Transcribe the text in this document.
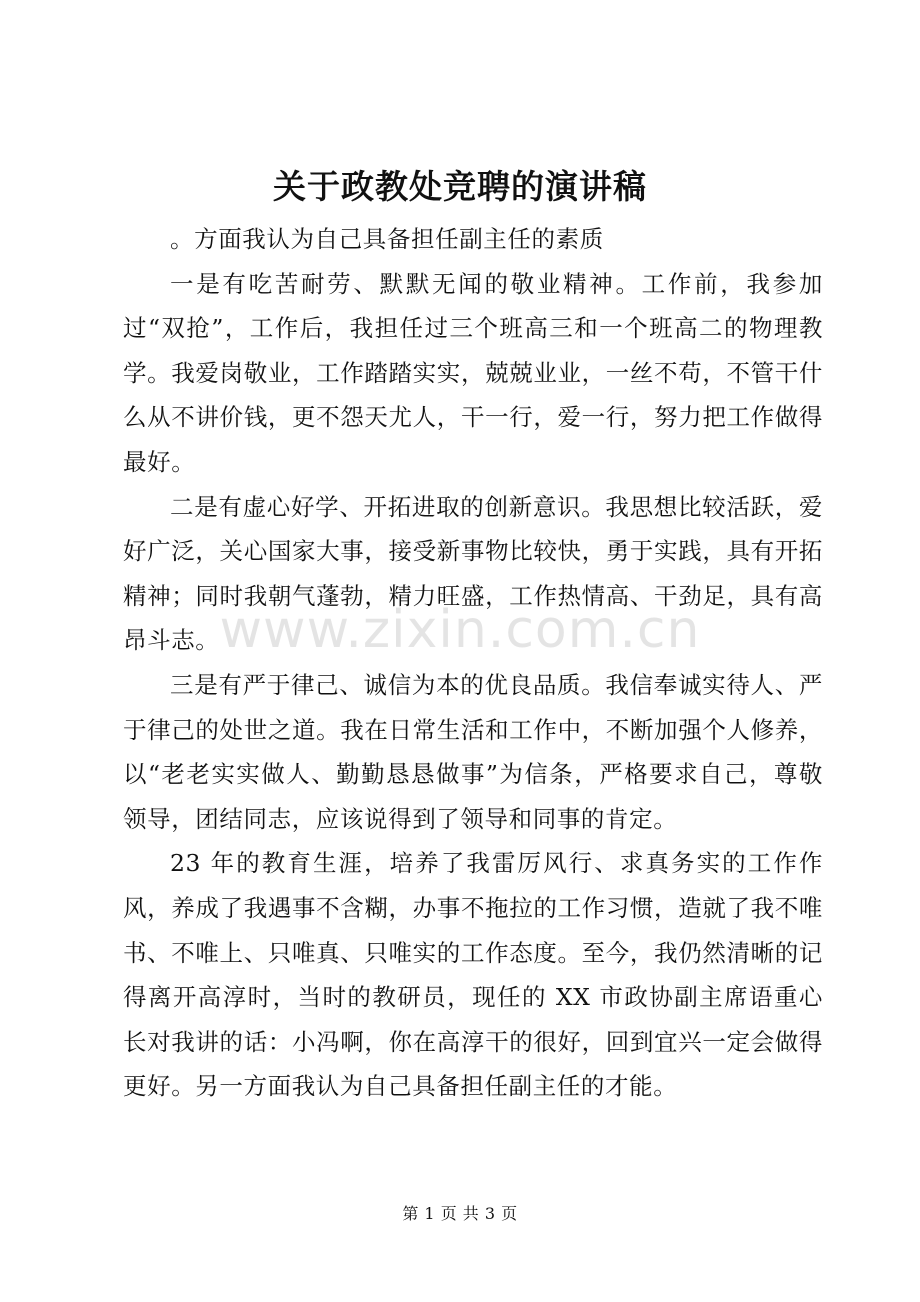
关于政教处竞聘的演讲稿

。方面我认为自己具备担任副主任的素质

一是有吃苦耐劳、默默无闻的敬业精神。工作前，我参加过“双抢”，工作后，我担任过三个班高三和一个班高二的物理教学。我爱岗敬业，工作踏踏实实，兢兢业业，一丝不苟，不管干什么从不讲价钱，更不怨天尤人，干一行，爱一行，努力把工作做得最好。

二是有虚心好学、开拓进取的创新意识。我思想比较活跃，爱好广泛，关心国家大事，接受新事物比较快，勇于实践，具有开拓精神；同时我朝气蓬勃，精力旺盛，工作热情高、干劲足，具有高昂斗志。

三是有严于律己、诚信为本的优良品质。我信奉诚实待人、严于律己的处世之道。我在日常生活和工作中，不断加强个人修养，以“老老实实做人、勤勤恳恳做事”为信条，严格要求自己，尊敬领导，团结同志，应该说得到了领导和同事的肯定。

23 年的教育生涯，培养了我雷厉风行、求真务实的工作作风，养成了我遇事不含糊，办事不拖拉的工作习惯，造就了我不唯书、不唯上、只唯真、只唯实的工作态度。至今，我仍然清晰的记得离开高淳时，当时的教研员，现任的 XX 市政协副主席语重心长对我讲的话：小冯啊，你在高淳干的很好，回到宜兴一定会做得更好。另一方面我认为自己具备担任副主任的才能。

www.zixin.com.cn
第 1 页 共 3 页
